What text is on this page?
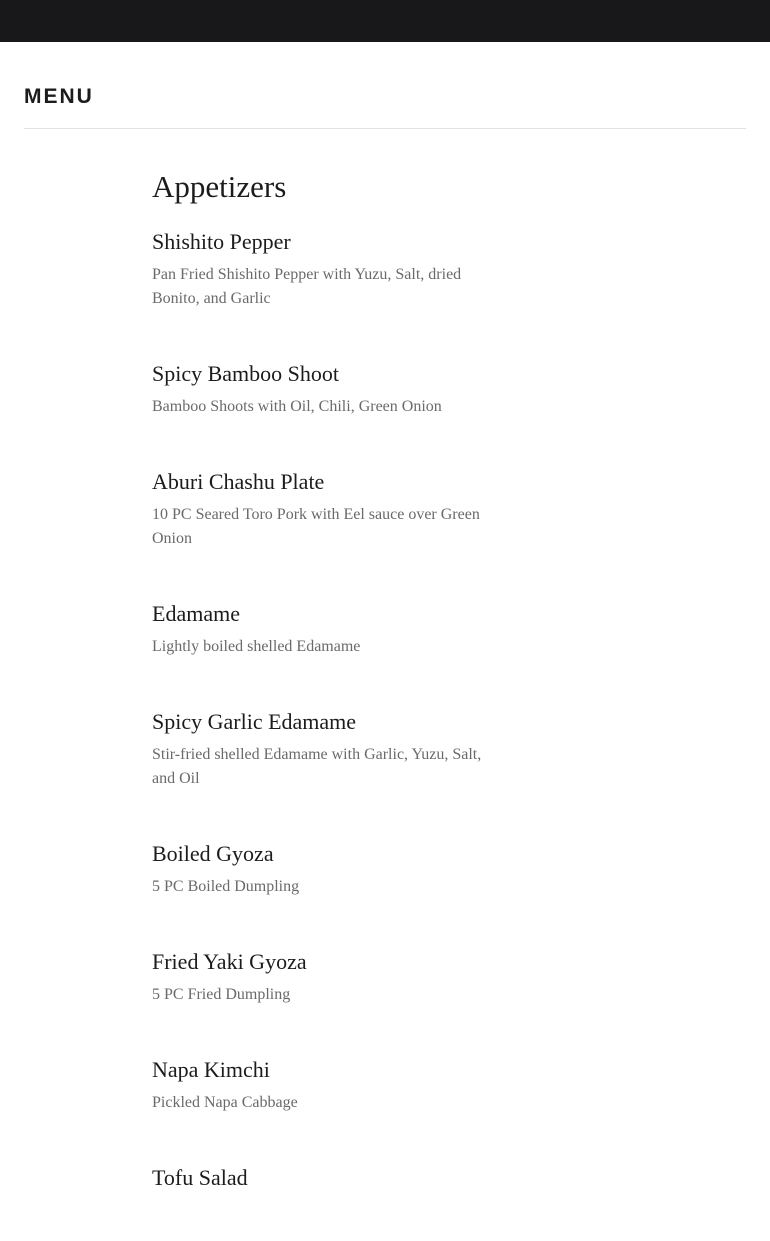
MENU
Appetizers
Shishito Pepper

Pan Fried Shishito Pepper with Yuzu, Salt, dried Bonito, and Garlic

Spicy Bamboo Shoot

Bamboo Shoots with Oil, Chili, Green Onion

Aburi Chashu Plate

10 PC Seared Toro Pork with Eel sauce over Green Onion

Edamame

Lightly boiled shelled Edamame

Spicy Garlic Edamame

Stir-fried shelled Edamame with Garlic, Yuzu, Salt, and Oil

Boiled Gyoza

5 PC Boiled Dumpling

Fried Yaki Gyoza

5 PC Fried Dumpling

Napa Kimchi

Pickled Napa Cabbage

Tofu Salad
